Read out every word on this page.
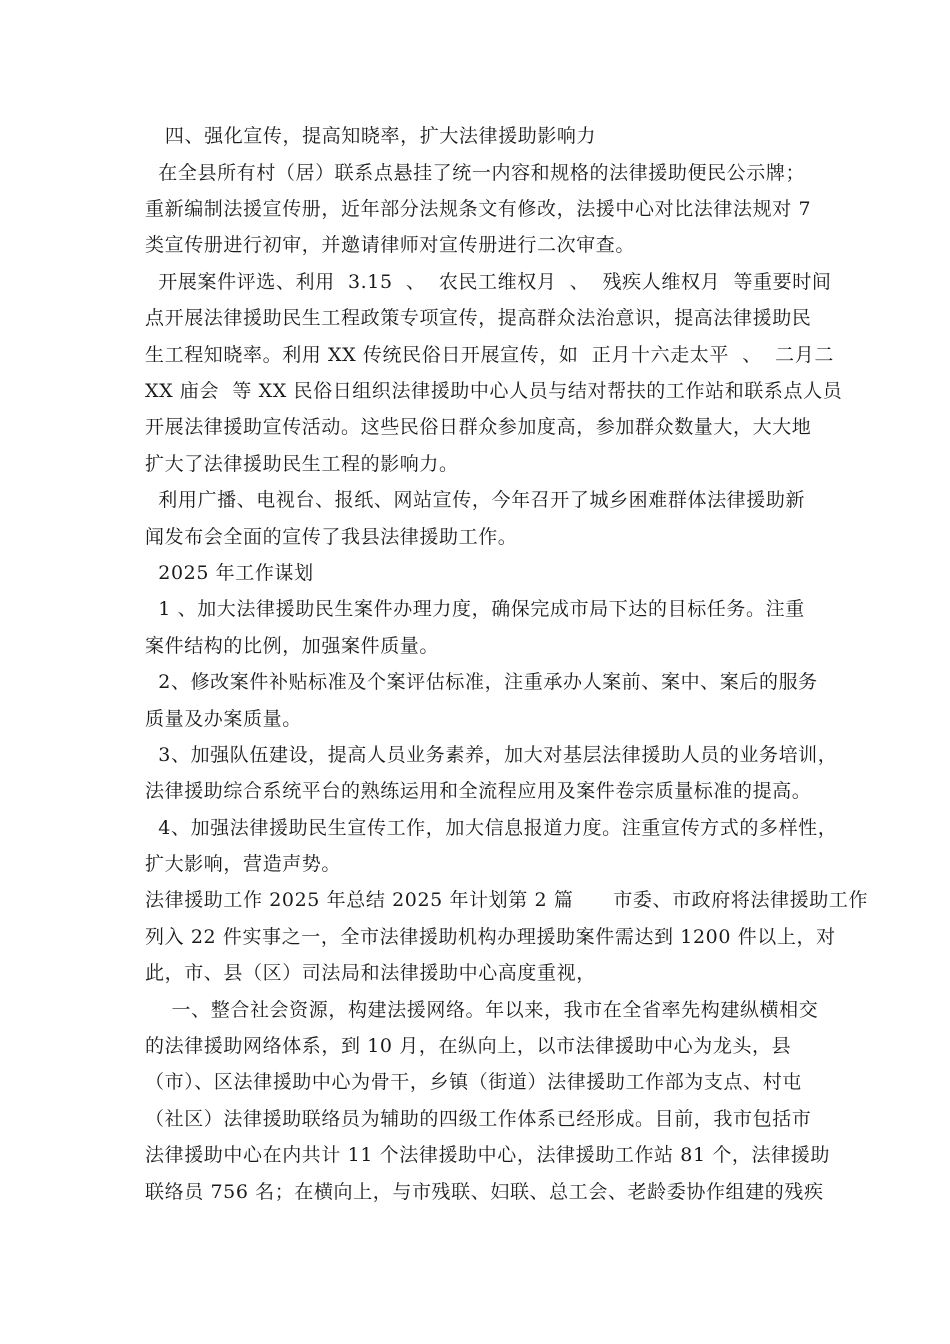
四、强化宣传，提高知晓率，扩大法律援助影响力
在全县所有村（居）联系点悬挂了统一内容和规格的法律援助便民公示牌；
重新编制法援宣传册，近年部分法规条文有修改，法援中心对比法律法规对 7
类宣传册进行初审，并邀请律师对宣传册进行二次审查。
开展案件评选、利用  3.15  、  农民工维权月  、  残疾人维权月  等重要时间
点开展法律援助民生工程政策专项宣传，提高群众法治意识，提高法律援助民
生工程知晓率。利用 XX 传统民俗日开展宣传，如  正月十六走太平  、  二月二
XX 庙会  等 XX 民俗日组织法律援助中心人员与结对帮扶的工作站和联系点人员
开展法律援助宣传活动。这些民俗日群众参加度高，参加群众数量大，大大地
扩大了法律援助民生工程的影响力。
利用广播、电视台、报纸、网站宣传，今年召开了城乡困难群体法律援助新
闻发布会全面的宣传了我县法律援助工作。
2025 年工作谋划
1 、加大法律援助民生案件办理力度，确保完成市局下达的目标任务。注重
案件结构的比例，加强案件质量。
2、修改案件补贴标准及个案评估标准，注重承办人案前、案中、案后的服务
质量及办案质量。
3、加强队伍建设，提高人员业务素养，加大对基层法律援助人员的业务培训，
法律援助综合系统平台的熟练运用和全流程应用及案件卷宗质量标准的提高。
4、加强法律援助民生宣传工作，加大信息报道力度。注重宣传方式的多样性，
扩大影响，营造声势。
法律援助工作 2025 年总结 2025 年计划第 2 篇      市委、市政府将法律援助工作
列入 22 件实事之一，全市法律援助机构办理援助案件需达到 1200 件以上，对
此，市、县（区）司法局和法律援助中心高度重视，
一、整合社会资源，构建法援网络。年以来，我市在全省率先构建纵横相交
的法律援助网络体系，到 10 月，在纵向上，以市法律援助中心为龙头，县
（市）、区法律援助中心为骨干，乡镇（街道）法律援助工作部为支点、村屯
（社区）法律援助联络员为辅助的四级工作体系已经形成。目前，我市包括市
法律援助中心在内共计 11 个法律援助中心，法律援助工作站 81 个，法律援助
联络员 756 名；在横向上，与市残联、妇联、总工会、老龄委协作组建的残疾
